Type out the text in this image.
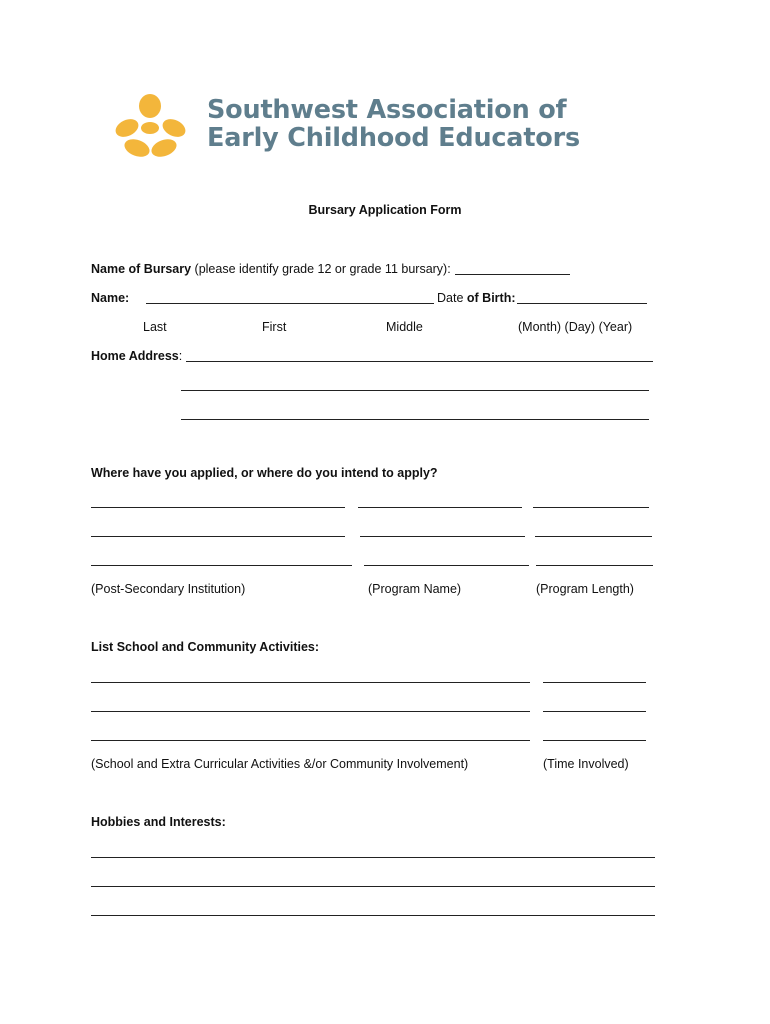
Southwest Association of
Early Childhood Educators
Bursary Application Form
Name of Bursary (please identify grade 12 or grade 11 bursary):
Name:	Date of Birth:
Last	First	Middle	(Month) (Day) (Year)
Home Address:
Where have you applied, or where do you intend to apply?
(Post-Secondary Institution)	(Program Name)	(Program Length)
List School and Community Activities:
(School and Extra Curricular Activities &/or Community Involvement)	(Time Involved)
Hobbies and Interests:
